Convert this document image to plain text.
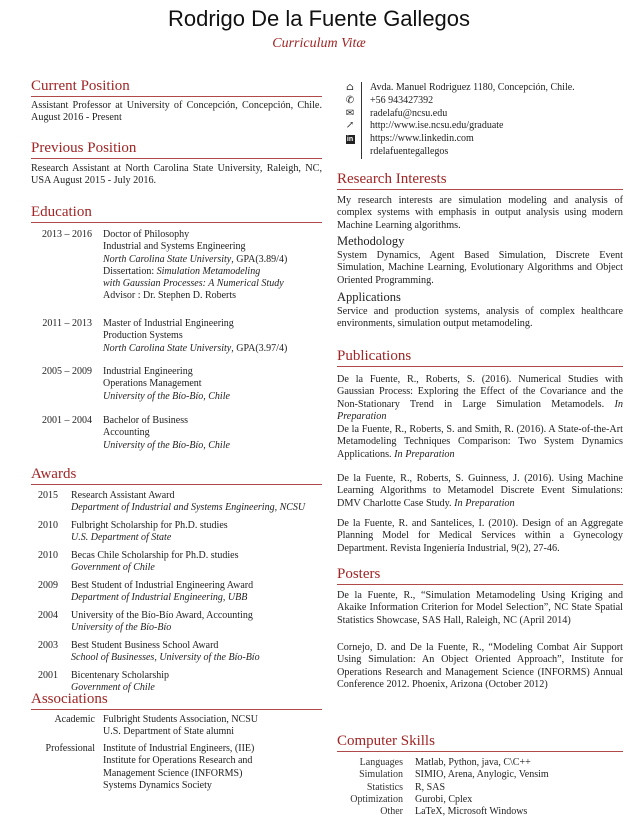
Rodrigo De la Fuente Gallegos
Curriculum Vitæ
Current Position
Assistant Professor at University of Concepción, Concepción, Chile. August 2016 - Present
Previous Position
Research Assistant at North Carolina State University, Raleigh, NC, USA August 2015 - July 2016.
Education
2013 – 2016 Doctor of Philosophy
Industrial and Systems Engineering
North Carolina State University, GPA(3.89/4)
Dissertation: Simulation Metamodeling
with Gaussian Processes: A Numerical Study
Advisor : Dr. Stephen D. Roberts
2011 – 2013 Master of Industrial Engineering
Production Systems
North Carolina State University, GPA(3.97/4)
2005 – 2009 Industrial Engineering
Operations Management
University of the Bío-Bío, Chile
2001 – 2004 Bachelor of Business
Accounting
University of the Bío-Bío, Chile
Awards
2015 Research Assistant Award
Department of Industrial and Systems Engineering, NCSU
2010 Fulbright Scholarship for Ph.D. studies
U.S. Department of State
2010 Becas Chile Scholarship for Ph.D. studies
Government of Chile
2009 Best Student of Industrial Engineering Award
Department of Industrial Engineering, UBB
2004 University of the Bío-Bío Award, Accounting
University of the Bío-Bío
2003 Best Student Business School Award
School of Businesses, University of the Bío-Bío
2001 Bicentenary Scholarship
Government of Chile
Associations
Academic Fulbright Students Association, NCSU
U.S. Department of State alumni
Professional Institute of Industrial Engineers, (IIE)
Institute for Operations Research and
Management Science (INFORMS)
Systems Dynamics Society
⌂
✆
✉
↗
in
Avda. Manuel Rodriguez 1180, Concepción, Chile.
+56 943427392
radelafu@ncsu.edu
http://www.ise.ncsu.edu/graduate
https://www.linkedin.com
rdelafuentegallegos
Research Interests
My research interests are simulation modeling and analysis of complex systems with emphasis in output analysis using modern Machine Learning algorithms.
Methodology
System Dynamics, Agent Based Simulation, Discrete Event Simulation, Machine Learning, Evolutionary Algorithms and Object Oriented Programming.
Applications
Service and production systems, analysis of complex healthcare environments, simulation output metamodeling.
Publications
De la Fuente, R., Roberts, S. (2016). Numerical Studies with Gaussian Process: Exploring the Effect of the Covariance and the Non-Stationary Trend in Large Simulation Metamodels. In Preparation
De la Fuente, R., Roberts, S. and Smith, R. (2016). A State-of-the-Art Metamodeling Techniques Comparison: Two System Dynamics Applications. In Preparation
De la Fuente, R., Roberts, S. Guinness, J. (2016). Using Machine Learning Algorithms to Metamodel Discrete Event Simulations: DMV Charlotte Case Study. In Preparation
De la Fuente, R. and Santelices, I. (2010). Design of an Aggregate Planning Model for Medical Services within a Gynecology Department. Revista Ingeniería Industrial, 9(2), 27-46.
Posters
De la Fuente, R., “Simulation Metamodeling Using Kriging and Akaike Information Criterion for Model Selection”, NC State Spatial Statistics Showcase, SAS Hall, Raleigh, NC (April 2014)
Cornejo, D. and De la Fuente, R., “Modeling Combat Air Support Using Simulation: An Object Oriented Approach”, Institute for Operations Research and Management Science (INFORMS) Annual Conference 2012. Phoenix, Arizona (October 2012)
Computer Skills
Languages Matlab, Python, java, C\C++
Simulation SIMIO, Arena, Anylogic, Vensim
Statistics R, SAS
Optimization Gurobi, Cplex
Other LaTeX, Microsoft Windows
